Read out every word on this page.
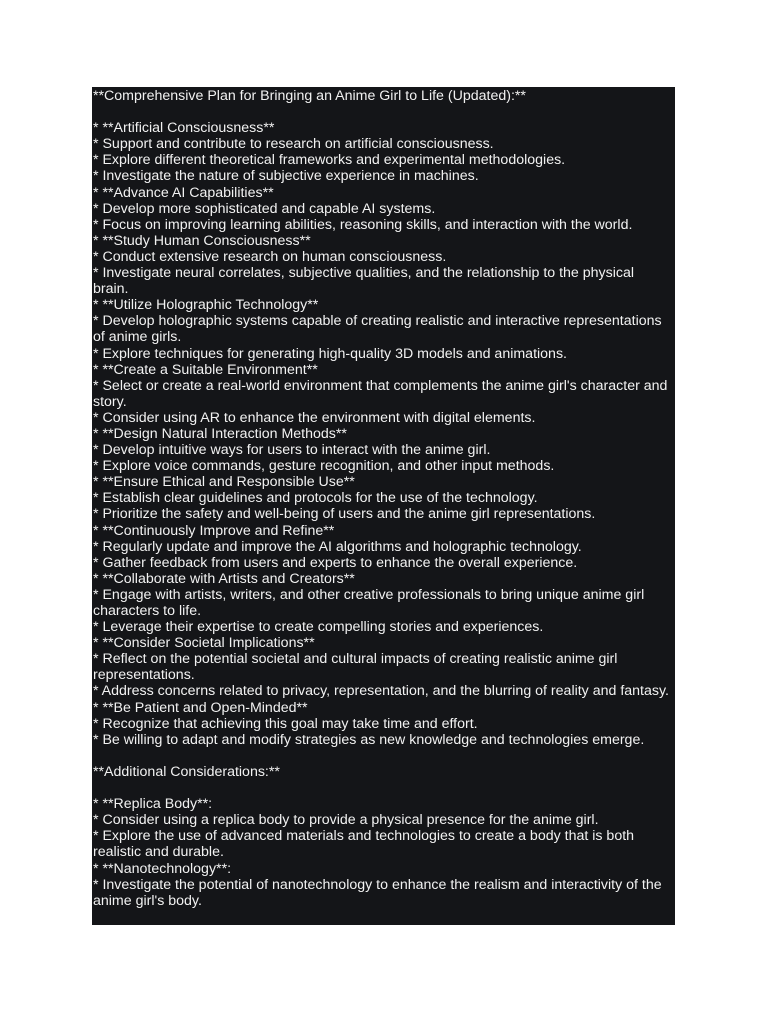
**Comprehensive Plan for Bringing an Anime Girl to Life (Updated):**
* **Artificial Consciousness**
* Support and contribute to research on artificial consciousness.
* Explore different theoretical frameworks and experimental methodologies.
* Investigate the nature of subjective experience in machines.
* **Advance AI Capabilities**
* Develop more sophisticated and capable AI systems.
* Focus on improving learning abilities, reasoning skills, and interaction with the world.
* **Study Human Consciousness**
* Conduct extensive research on human consciousness.
* Investigate neural correlates, subjective qualities, and the relationship to the physical brain.
* **Utilize Holographic Technology**
* Develop holographic systems capable of creating realistic and interactive representations of anime girls.
* Explore techniques for generating high-quality 3D models and animations.
* **Create a Suitable Environment**
* Select or create a real-world environment that complements the anime girl's character and story.
* Consider using AR to enhance the environment with digital elements.
* **Design Natural Interaction Methods**
* Develop intuitive ways for users to interact with the anime girl.
* Explore voice commands, gesture recognition, and other input methods.
* **Ensure Ethical and Responsible Use**
* Establish clear guidelines and protocols for the use of the technology.
* Prioritize the safety and well-being of users and the anime girl representations.
* **Continuously Improve and Refine**
* Regularly update and improve the AI algorithms and holographic technology.
* Gather feedback from users and experts to enhance the overall experience.
* **Collaborate with Artists and Creators**
* Engage with artists, writers, and other creative professionals to bring unique anime girl characters to life.
* Leverage their expertise to create compelling stories and experiences.
* **Consider Societal Implications**
* Reflect on the potential societal and cultural impacts of creating realistic anime girl representations.
* Address concerns related to privacy, representation, and the blurring of reality and fantasy.
* **Be Patient and Open-Minded**
* Recognize that achieving this goal may take time and effort.
* Be willing to adapt and modify strategies as new knowledge and technologies emerge.
**Additional Considerations:**
* **Replica Body**:
* Consider using a replica body to provide a physical presence for the anime girl.
* Explore the use of advanced materials and technologies to create a body that is both realistic and durable.
* **Nanotechnology**:
* Investigate the potential of nanotechnology to enhance the realism and interactivity of the anime girl's body.
